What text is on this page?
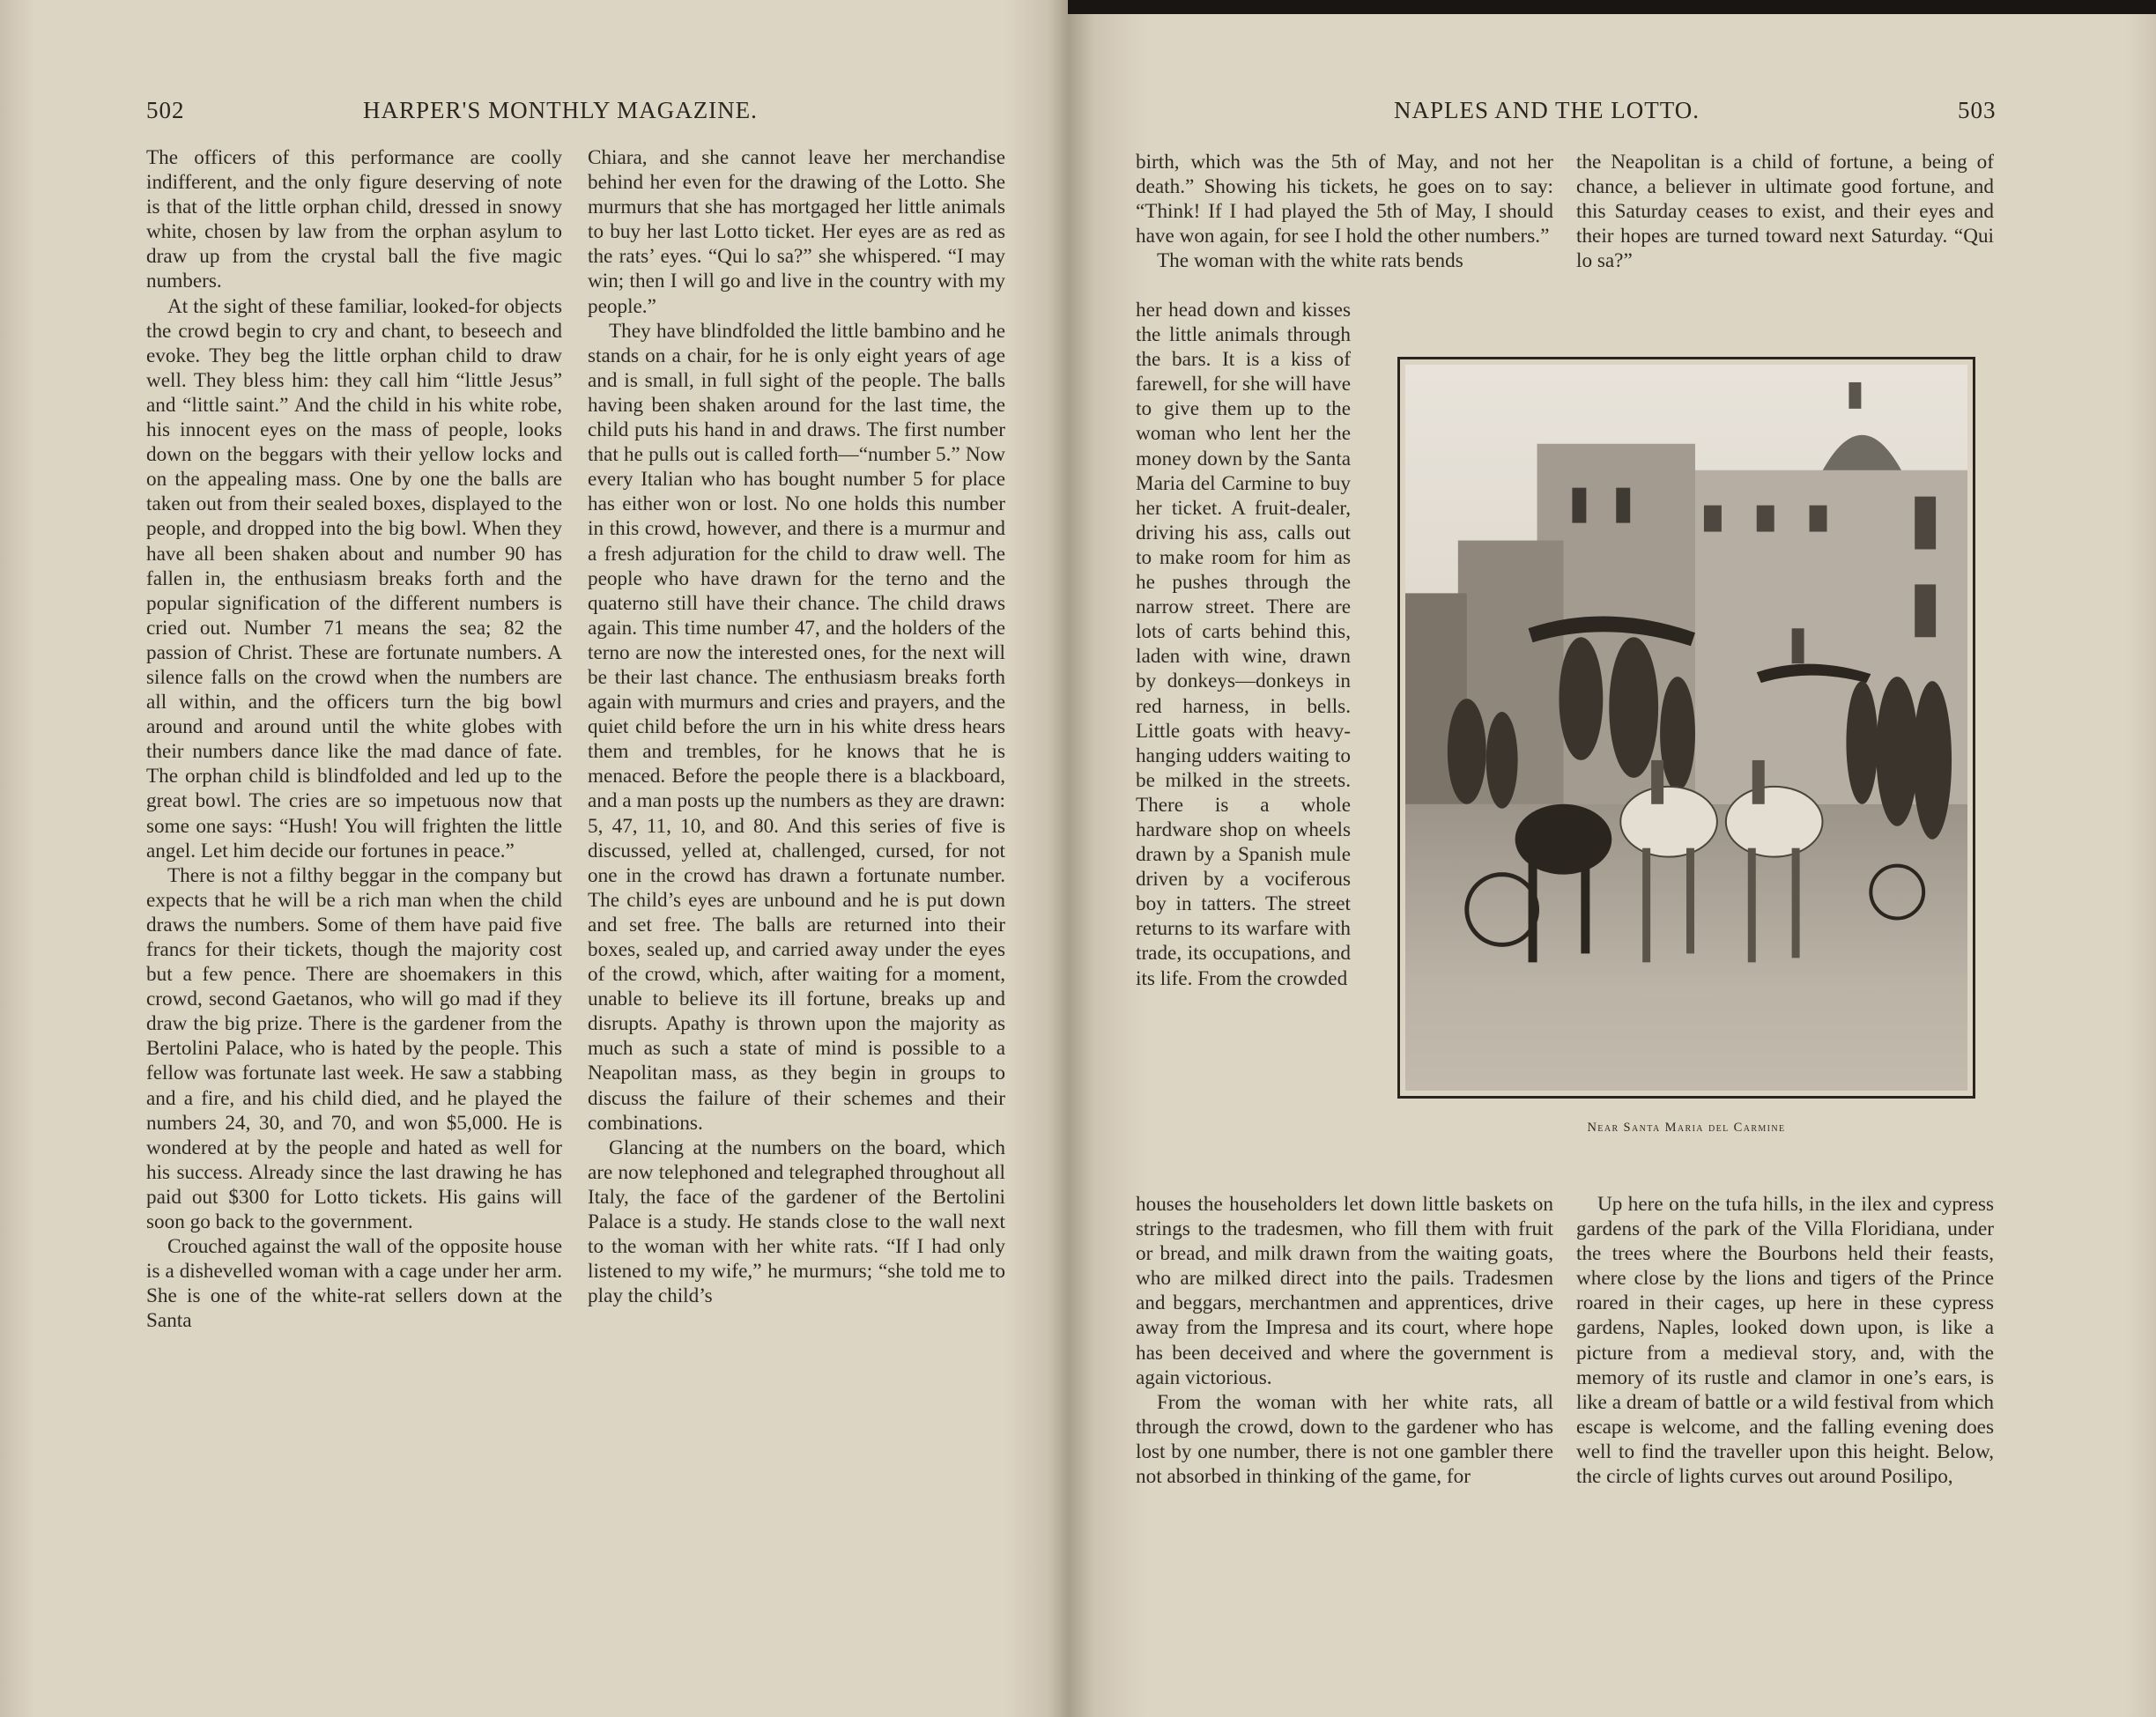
502	HARPER'S MONTHLY MAGAZINE.

The officers of this performance are coolly indifferent, and the only figure deserving of note is that of the little orphan child, dressed in snowy white, chosen by law from the orphan asylum to draw up from the crystal ball the five magic numbers.

At the sight of these familiar, looked-for objects the crowd begin to cry and chant, to beseech and evoke. They beg the little orphan child to draw well. They bless him: they call him “little Jesus” and “little saint.” And the child in his white robe, his innocent eyes on the mass of people, looks down on the beggars with their yellow locks and on the appealing mass. One by one the balls are taken out from their sealed boxes, displayed to the people, and dropped into the big bowl. When they have all been shaken about and number 90 has fallen in, the enthusiasm breaks forth and the popular signification of the different numbers is cried out. Number 71 means the sea; 82 the passion of Christ. These are fortunate numbers. A silence falls on the crowd when the numbers are all within, and the officers turn the big bowl around and around until the white globes with their numbers dance like the mad dance of fate. The orphan child is blindfolded and led up to the great bowl. The cries are so impetuous now that some one says: “Hush! You will frighten the little angel. Let him decide our fortunes in peace.”

There is not a filthy beggar in the company but expects that he will be a rich man when the child draws the numbers. Some of them have paid five francs for their tickets, though the majority cost but a few pence. There are shoemakers in this crowd, second Gaetanos, who will go mad if they draw the big prize. There is the gardener from the Bertolini Palace, who is hated by the people. This fellow was fortunate last week. He saw a stabbing and a fire, and his child died, and he played the numbers 24, 30, and 70, and won $5,000. He is wondered at by the people and hated as well for his success. Already since the last drawing he has paid out $300 for Lotto tickets. His gains will soon go back to the government.

Crouched against the wall of the opposite house is a dishevelled woman with a cage under her arm. She is one of the white-rat sellers down at the Santa

Chiara, and she cannot leave her merchandise behind her even for the drawing of the Lotto. She murmurs that she has mortgaged her little animals to buy her last Lotto ticket. Her eyes are as red as the rats’ eyes. “Qui lo sa?” she whispered. “I may win; then I will go and live in the country with my people.”

They have blindfolded the little bambino and he stands on a chair, for he is only eight years of age and is small, in full sight of the people. The balls having been shaken around for the last time, the child puts his hand in and draws. The first number that he pulls out is called forth—“number 5.” Now every Italian who has bought number 5 for place has either won or lost. No one holds this number in this crowd, however, and there is a murmur and a fresh adjuration for the child to draw well. The people who have drawn for the terno and the quaterno still have their chance. The child draws again. This time number 47, and the holders of the terno are now the interested ones, for the next will be their last chance. The enthusiasm breaks forth again with murmurs and cries and prayers, and the quiet child before the urn in his white dress hears them and trembles, for he knows that he is menaced. Before the people there is a blackboard, and a man posts up the numbers as they are drawn: 5, 47, 11, 10, and 80. And this series of five is discussed, yelled at, challenged, cursed, for not one in the crowd has drawn a fortunate number. The child’s eyes are unbound and he is put down and set free. The balls are returned into their boxes, sealed up, and carried away under the eyes of the crowd, which, after waiting for a moment, unable to believe its ill fortune, breaks up and disrupts. Apathy is thrown upon the majority as much as such a state of mind is possible to a Neapolitan mass, as they begin in groups to discuss the failure of their schemes and their combinations.

Glancing at the numbers on the board, which are now telephoned and telegraphed throughout all Italy, the face of the gardener of the Bertolini Palace is a study. He stands close to the wall next to the woman with her white rats. “If I had only listened to my wife,” he murmurs; “she told me to play the child’s

NAPLES AND THE LOTTO.	503

birth, which was the 5th of May, and not her death.” Showing his tickets, he goes on to say: “Think! If I had played the 5th of May, I should have won again, for see I hold the other numbers.”

The woman with the white rats bends

the Neapolitan is a child of fortune, a being of chance, a believer in ultimate good fortune, and this Saturday ceases to exist, and their eyes and their hopes are turned toward next Saturday. “Qui lo sa?”

her head down and kisses the little animals through the bars. It is a kiss of farewell, for she will have to give them up to the woman who lent her the money down by the Santa Maria del Carmine to buy her ticket. A fruit-dealer, driving his ass, calls out to make room for him as he pushes through the narrow street. There are lots of carts behind this, laden with wine, drawn by donkeys—donkeys in red harness, in bells. Little goats with heavy-hanging udders waiting to be milked in the streets. There is a whole hardware shop on wheels drawn by a Spanish mule driven by a vociferous boy in tatters. The street returns to its warfare with trade, its occupations, and its life. From the crowded

Near Santa Maria del Carmine

houses the householders let down little baskets on strings to the tradesmen, who fill them with fruit or bread, and milk drawn from the waiting goats, who are milked direct into the pails. Tradesmen and beggars, merchantmen and apprentices, drive away from the Impresa and its court, where hope has been deceived and where the government is again victorious.

From the woman with her white rats, all through the crowd, down to the gardener who has lost by one number, there is not one gambler there not absorbed in thinking of the game, for

Up here on the tufa hills, in the ilex and cypress gardens of the park of the Villa Floridiana, under the trees where the Bourbons held their feasts, where close by the lions and tigers of the Prince roared in their cages, up here in these cypress gardens, Naples, looked down upon, is like a picture from a medieval story, and, with the memory of its rustle and clamor in one’s ears, is like a dream of battle or a wild festival from which escape is welcome, and the falling evening does well to find the traveller upon this height. Below, the circle of lights curves out around Posilipo,
